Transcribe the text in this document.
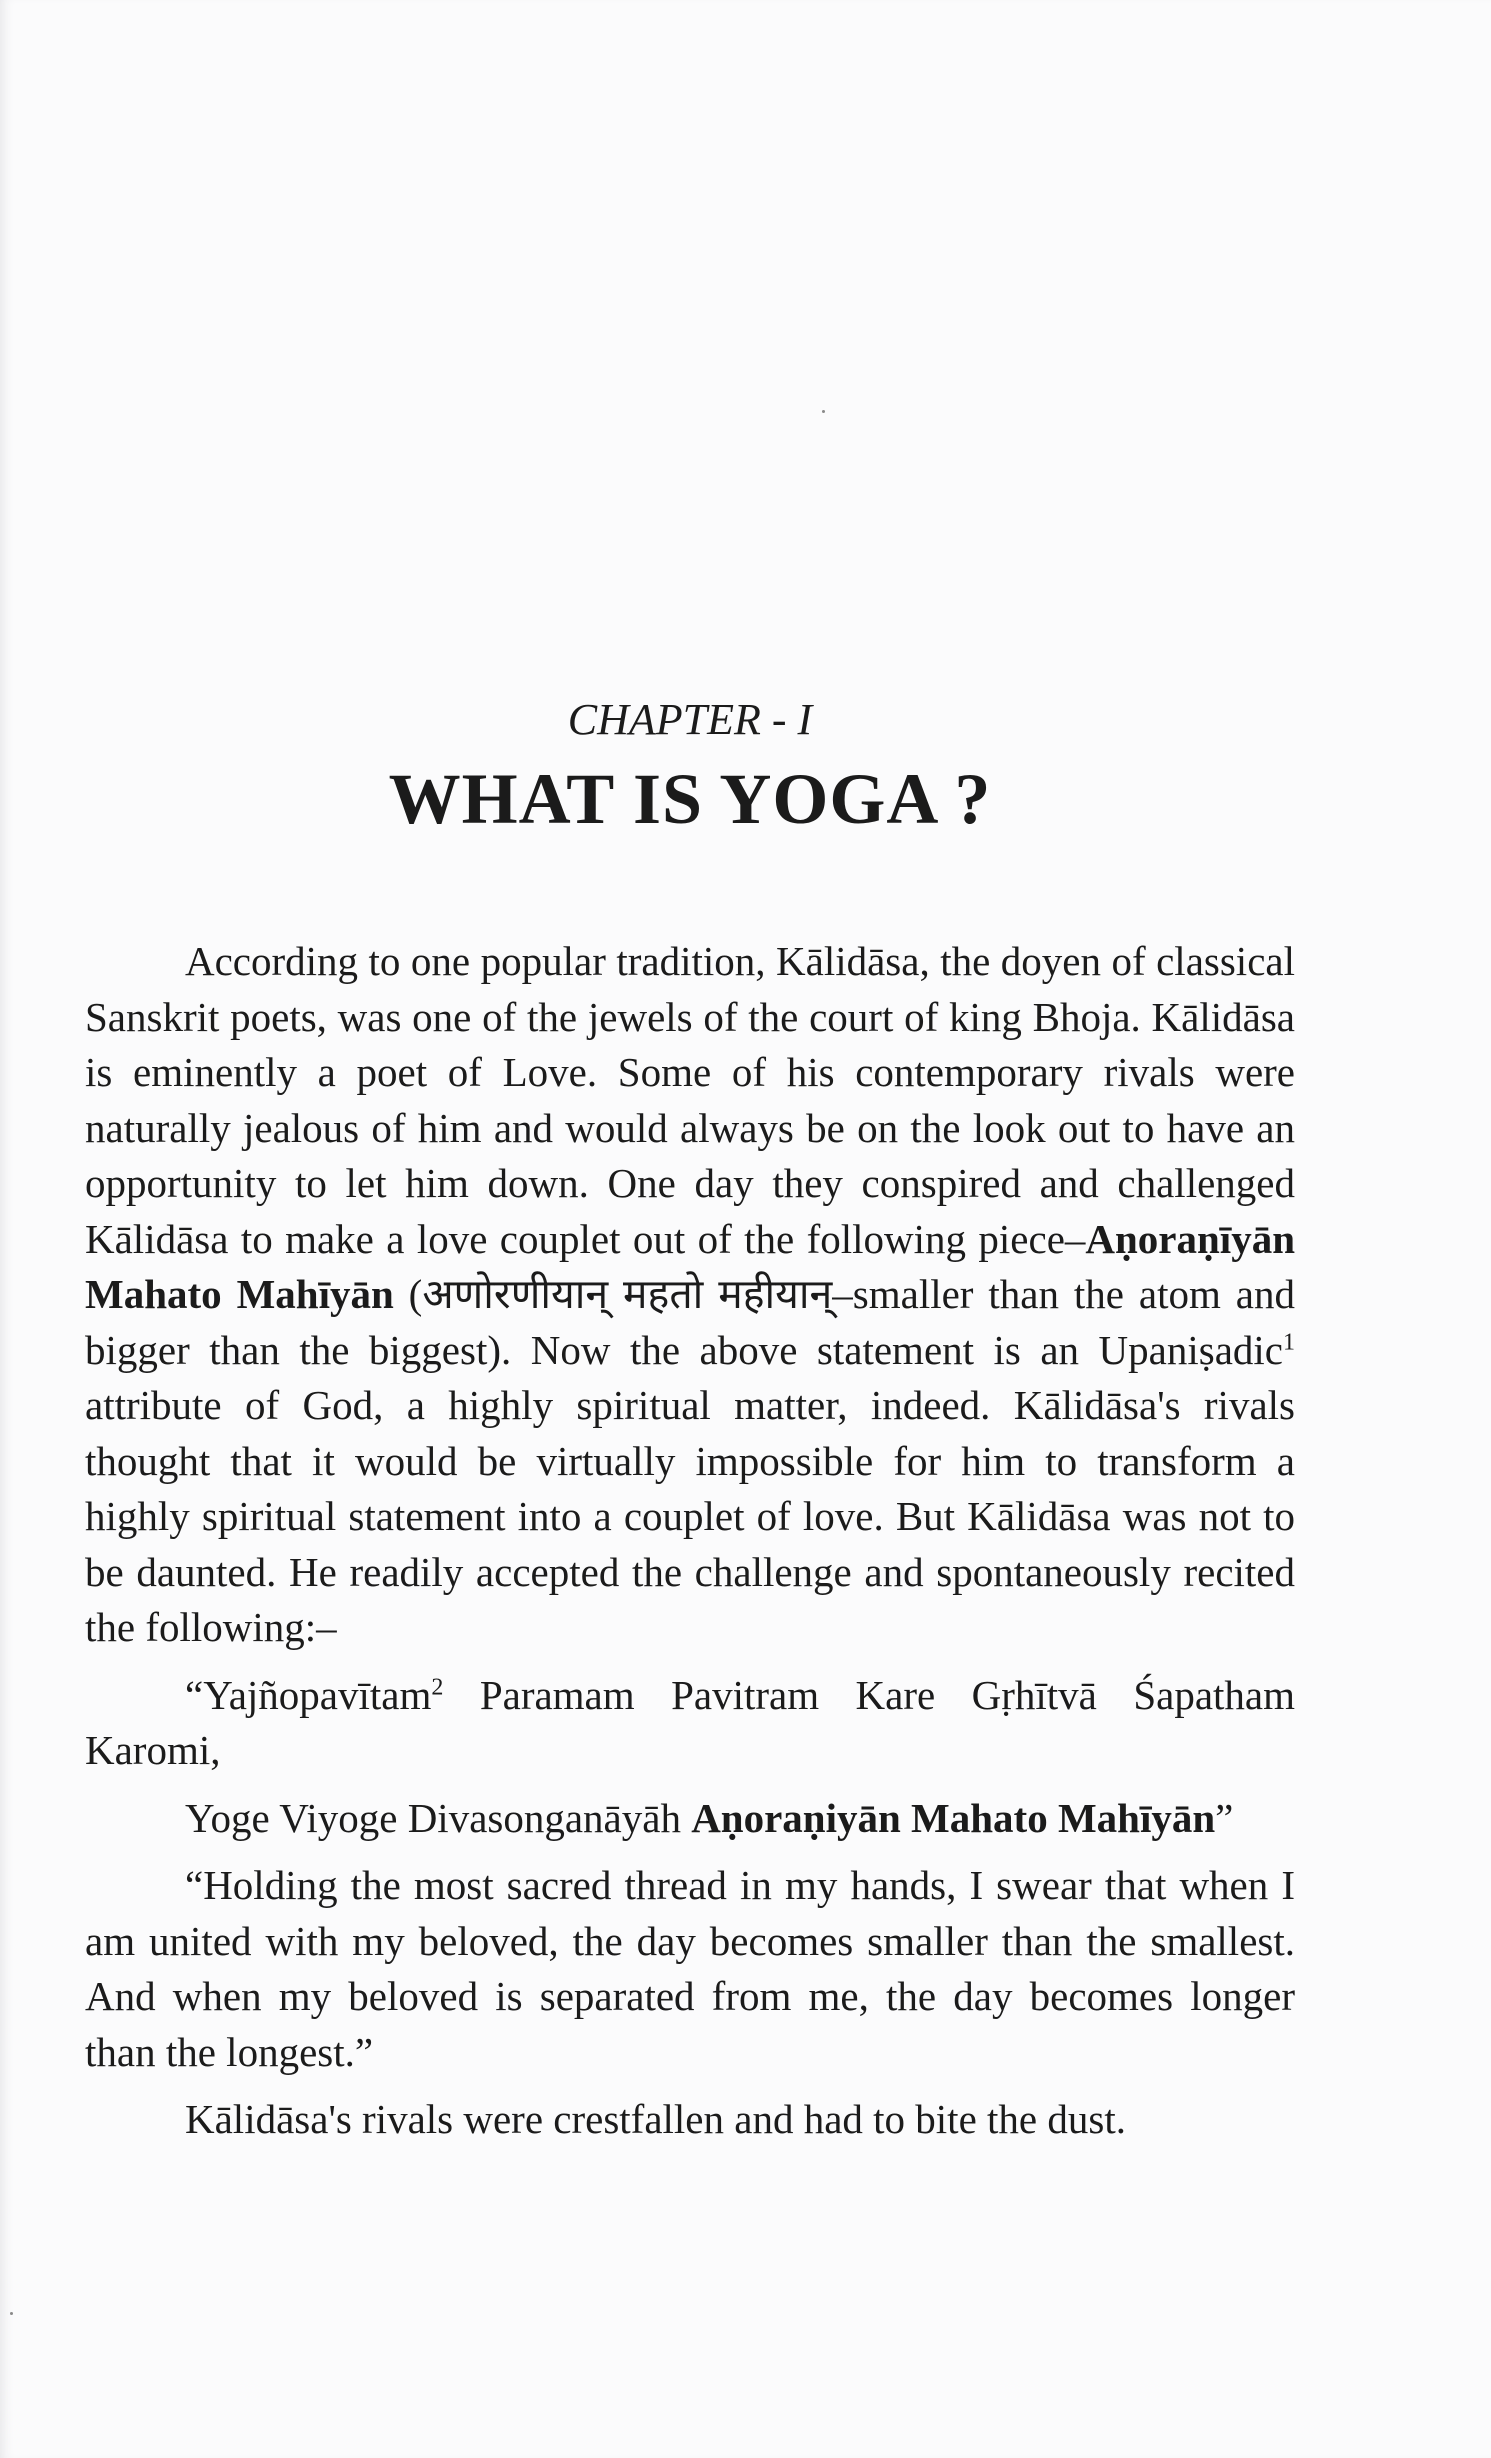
CHAPTER - I

WHAT IS YOGA ?

According to one popular tradition, Kālidāsa, the doyen of classical Sanskrit poets, was one of the jewels of the court of king Bhoja. Kālidāsa is eminently a poet of Love. Some of his contemporary rivals were naturally jealous of him and would always be on the look out to have an opportunity to let him down. One day they conspired and challenged Kālidāsa to make a love couplet out of the following piece–Aṇoraṇīyān Mahato Mahīyān (अणोरणीयान् महतो महीयान्–smaller than the atom and bigger than the biggest). Now the above statement is an Upaniṣadic$^1$ attribute of God, a highly spiritual matter, indeed. Kālidāsa's rivals thought that it would be virtually impossible for him to transform a highly spiritual statement into a couplet of love. But Kālidāsa was not to be daunted. He readily accepted the challenge and spontaneously recited the following:–

“Yajñopavītam$^2$ Paramam Pavitram Kare Gṛhītvā Śapatham Karomi,

Yoge Viyoge Divasonganāyāh Aṇoraṇiyān Mahato Mahīyān”

“Holding the most sacred thread in my hands, I swear that when I am united with my beloved, the day becomes smaller than the smallest. And when my beloved is separated from me, the day becomes longer than the longest.”

Kālidāsa's rivals were crestfallen and had to bite the dust.
